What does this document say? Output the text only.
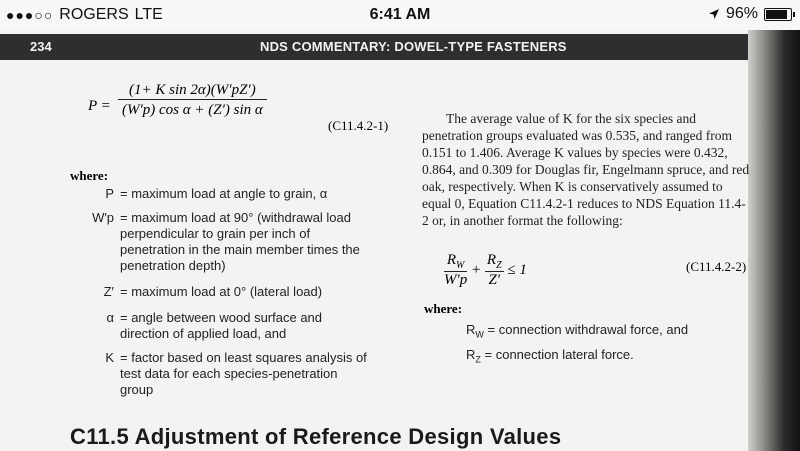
●●●○○ ROGERS LTE	6:41 AM	96%
234	NDS COMMENTARY: DOWEL-TYPE FASTENERS
$P = \frac{\text{(1+ K sin 2α)(W′pZ′)}}{\text{(W′p) cos α + (Z′) sin α}}$
(C11.4.2-1)
where:
P = maximum load at angle to grain, α
W′p = maximum load at 90° (withdrawal load perpendicular to grain per inch of penetration in the main member times the penetration depth)
Z′ = maximum load at 0° (lateral load)
α = angle between wood surface and direction of applied load, and
K = factor based on least squares analysis of test data for each species-penetration group
The average value of K for the six species and penetration groups evaluated was 0.535, and ranged from 0.151 to 1.406. Average K values by species were 0.432, 0.864, and 0.309 for Douglas fir, Engelmann spruce, and red oak, respectively. When K is conservatively assumed to equal 0, Equation C11.4.2-1 reduces to NDS Equation 11.4-2 or, in another format the following:
$\frac{R_W}{W'p} + \frac{R_Z}{Z'} \le 1$	(C11.4.2-2)
where:
$R_W$ = connection withdrawal force, and
$R_Z$ = connection lateral force.
C11.5 Adjustment of Reference Design Values
